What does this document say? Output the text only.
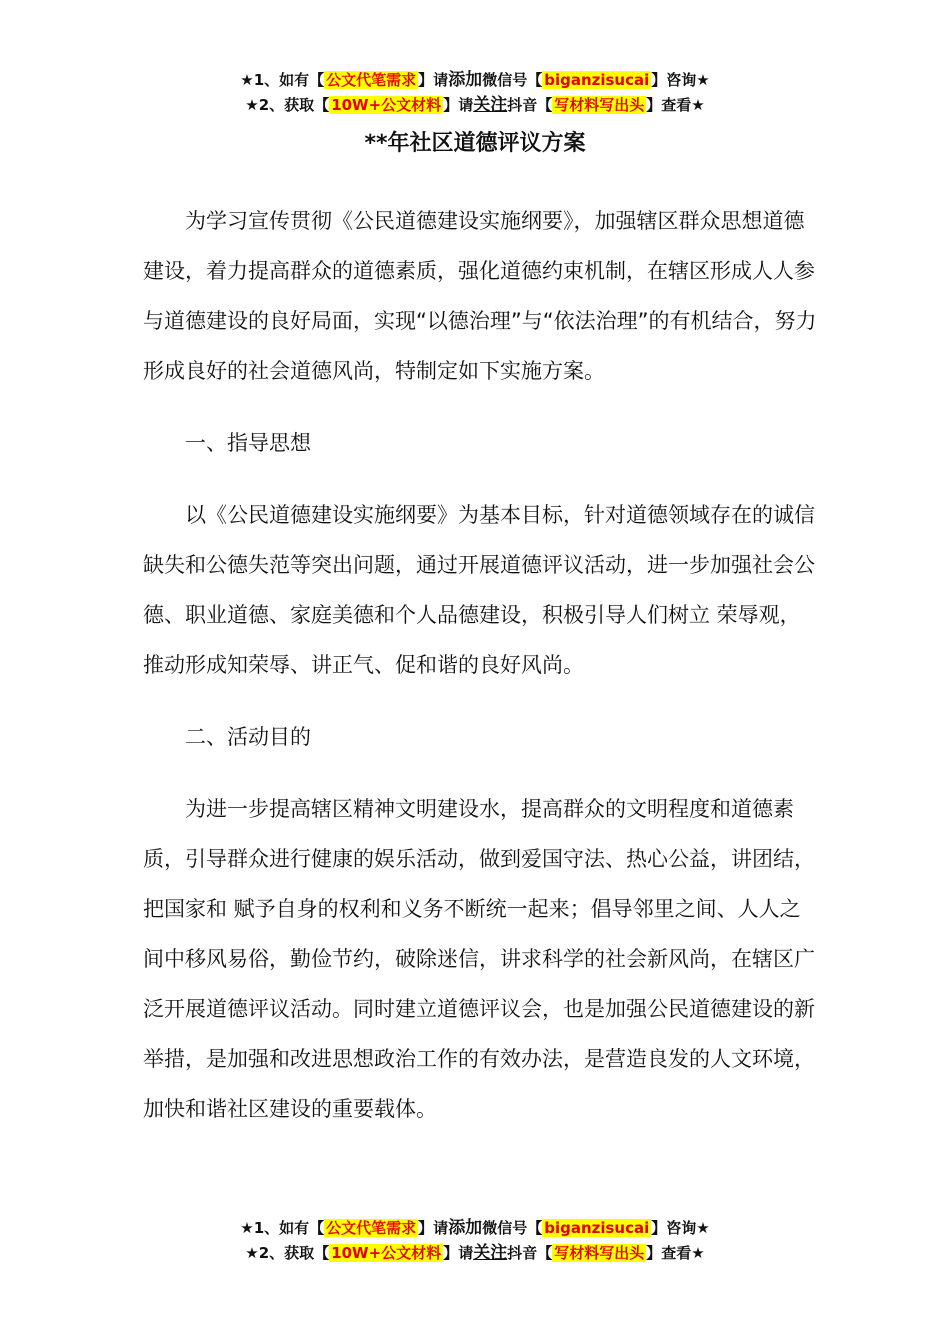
★1、如有【 公文代笔需求 】请添加微信号【 biganzisucai 】咨询★
★2、获取【 10W+公文材料 】请关注抖音【 写材料写出头 】查看★
**年社区道德评议方案

为学习宣传贯彻《公民道德建设实施纲要》，加强辖区群众思想道德建设，着力提高群众的道德素质，强化道德约束机制，在辖区形成人人参与道德建设的良好局面，实现“以德治理”与“依法治理”的有机结合，努力形成良好的社会道德风尚，特制定如下实施方案。

一、指导思想

以《公民道德建设实施纲要》为基本目标，针对道德领域存在的诚信缺失和公德失范等突出问题，通过开展道德评议活动，进一步加强社会公德、职业道德、家庭美德和个人品德建设，积极引导人们树立 荣辱观，推动形成知荣辱、讲正气、促和谐的良好风尚。

二、活动目的

为进一步提高辖区精神文明建设水，提高群众的文明程度和道德素质，引导群众进行健康的娱乐活动，做到爱国守法、热心公益，讲团结，把国家和 赋予自身的权利和义务不断统一起来；倡导邻里之间、人人之间中移风易俗，勤俭节约，破除迷信，讲求科学的社会新风尚，在辖区广泛开展道德评议活动。同时建立道德评议会，也是加强公民道德建设的新举措，是加强和改进思想政治工作的有效办法，是营造良发的人文环境，加快和谐社区建设的重要载体。

★1、如有【 公文代笔需求 】请添加微信号【 biganzisucai 】咨询★
★2、获取【 10W+公文材料 】请关注抖音【 写材料写出头 】查看★
